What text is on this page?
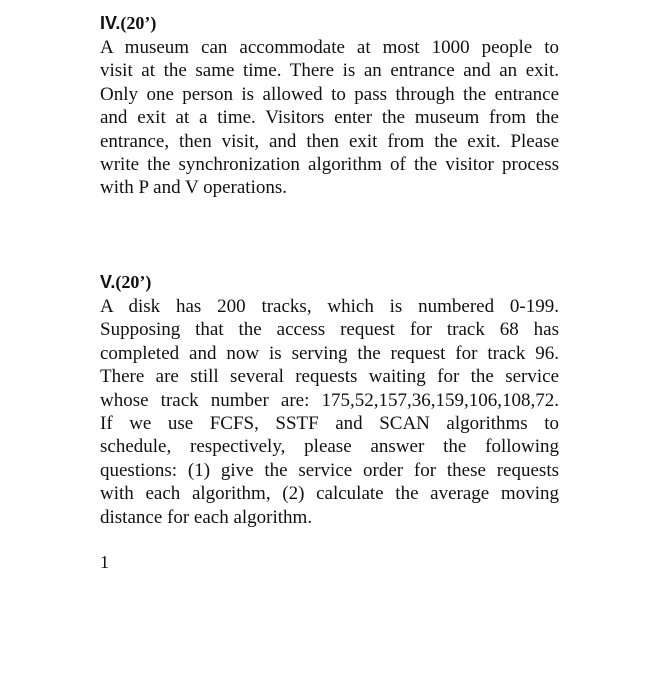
IV.(20’)
A museum can accommodate at most 1000 people to
visit at the same time. There is an entrance and an exit.
Only one person is allowed to pass through the entrance
and exit at a time. Visitors enter the museum from the
entrance, then visit, and then exit from the exit. Please
write the synchronization algorithm of the visitor process
with P and V operations.
V.(20’)
A disk has 200 tracks, which is numbered 0-199.
Supposing that the access request for track 68 has
completed and now is serving the request for track 96.
There are still several requests waiting for the service
whose track number are: 175,52,157,36,159,106,108,72.
If we use FCFS, SSTF and SCAN algorithms to
schedule, respectively, please answer the following
questions: (1) give the service order for these requests
with each algorithm, (2) calculate the average moving
distance for each algorithm.

1
